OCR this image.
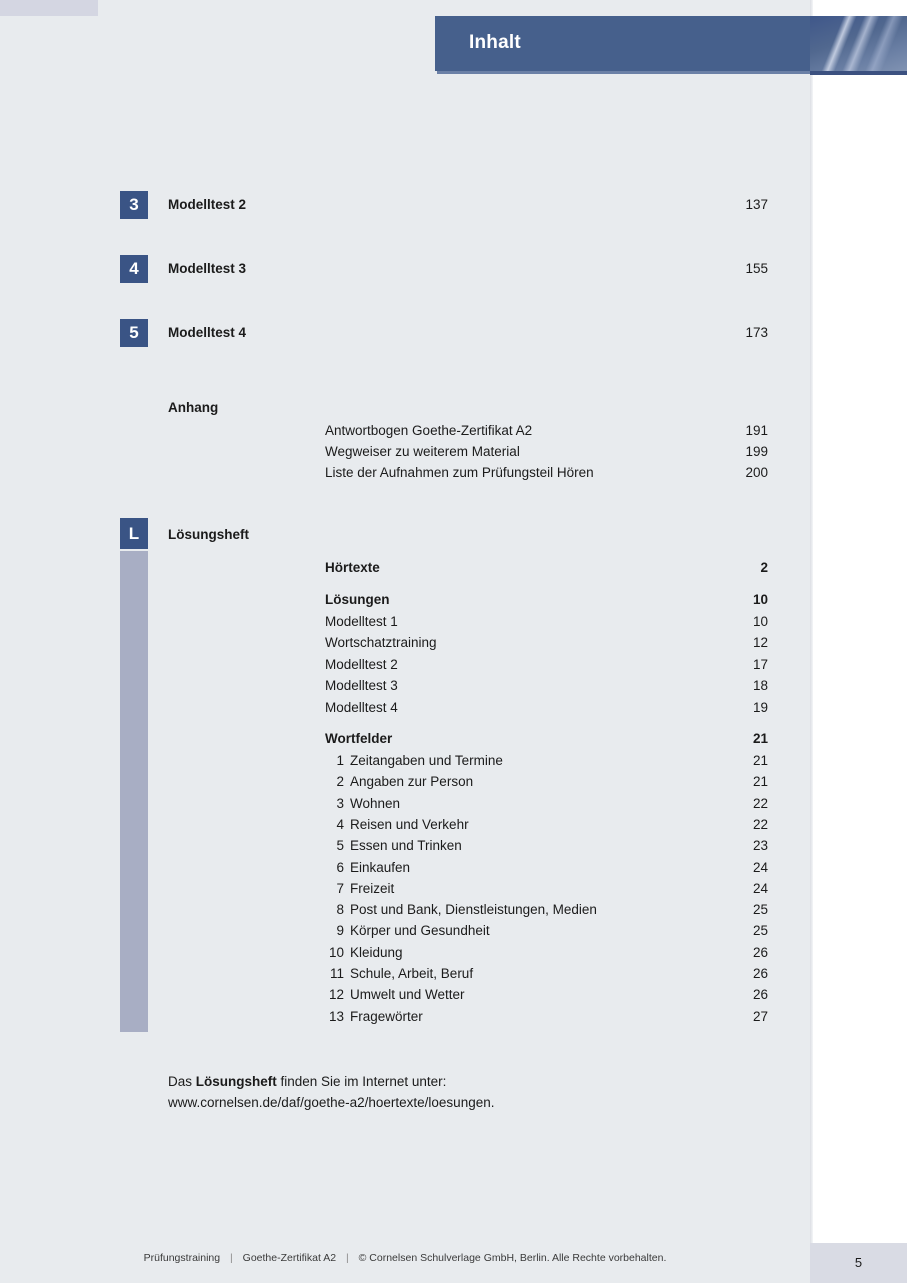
Inhalt
3	Modelltest 2	137
4	Modelltest 3	155
5	Modelltest 4	173
Anhang
Antwortbogen Goethe-Zertifikat A2	191
Wegweiser zu weiterem Material	199
Liste der Aufnahmen zum Prüfungsteil Hören	200
L	Lösungsheft
Hörtexte	2
Lösungen	10
Modelltest 1	10
Wortschatztraining	12
Modelltest 2	17
Modelltest 3	18
Modelltest 4	19
Wortfelder	21
1 Zeitangaben und Termine	21
2 Angaben zur Person	21
3 Wohnen	22
4 Reisen und Verkehr	22
5 Essen und Trinken	23
6 Einkaufen	24
7 Freizeit	24
8 Post und Bank, Dienstleistungen, Medien	25
9 Körper und Gesundheit	25
10 Kleidung	26
11 Schule, Arbeit, Beruf	26
12 Umwelt und Wetter	26
13 Fragewörter	27
Das Lösungsheft finden Sie im Internet unter:
www.cornelsen.de/daf/goethe-a2/hoertexte/loesungen.
Prüfungstraining | Goethe-Zertifikat A2 | © Cornelsen Schulverlage GmbH, Berlin. Alle Rechte vorbehalten.	5
